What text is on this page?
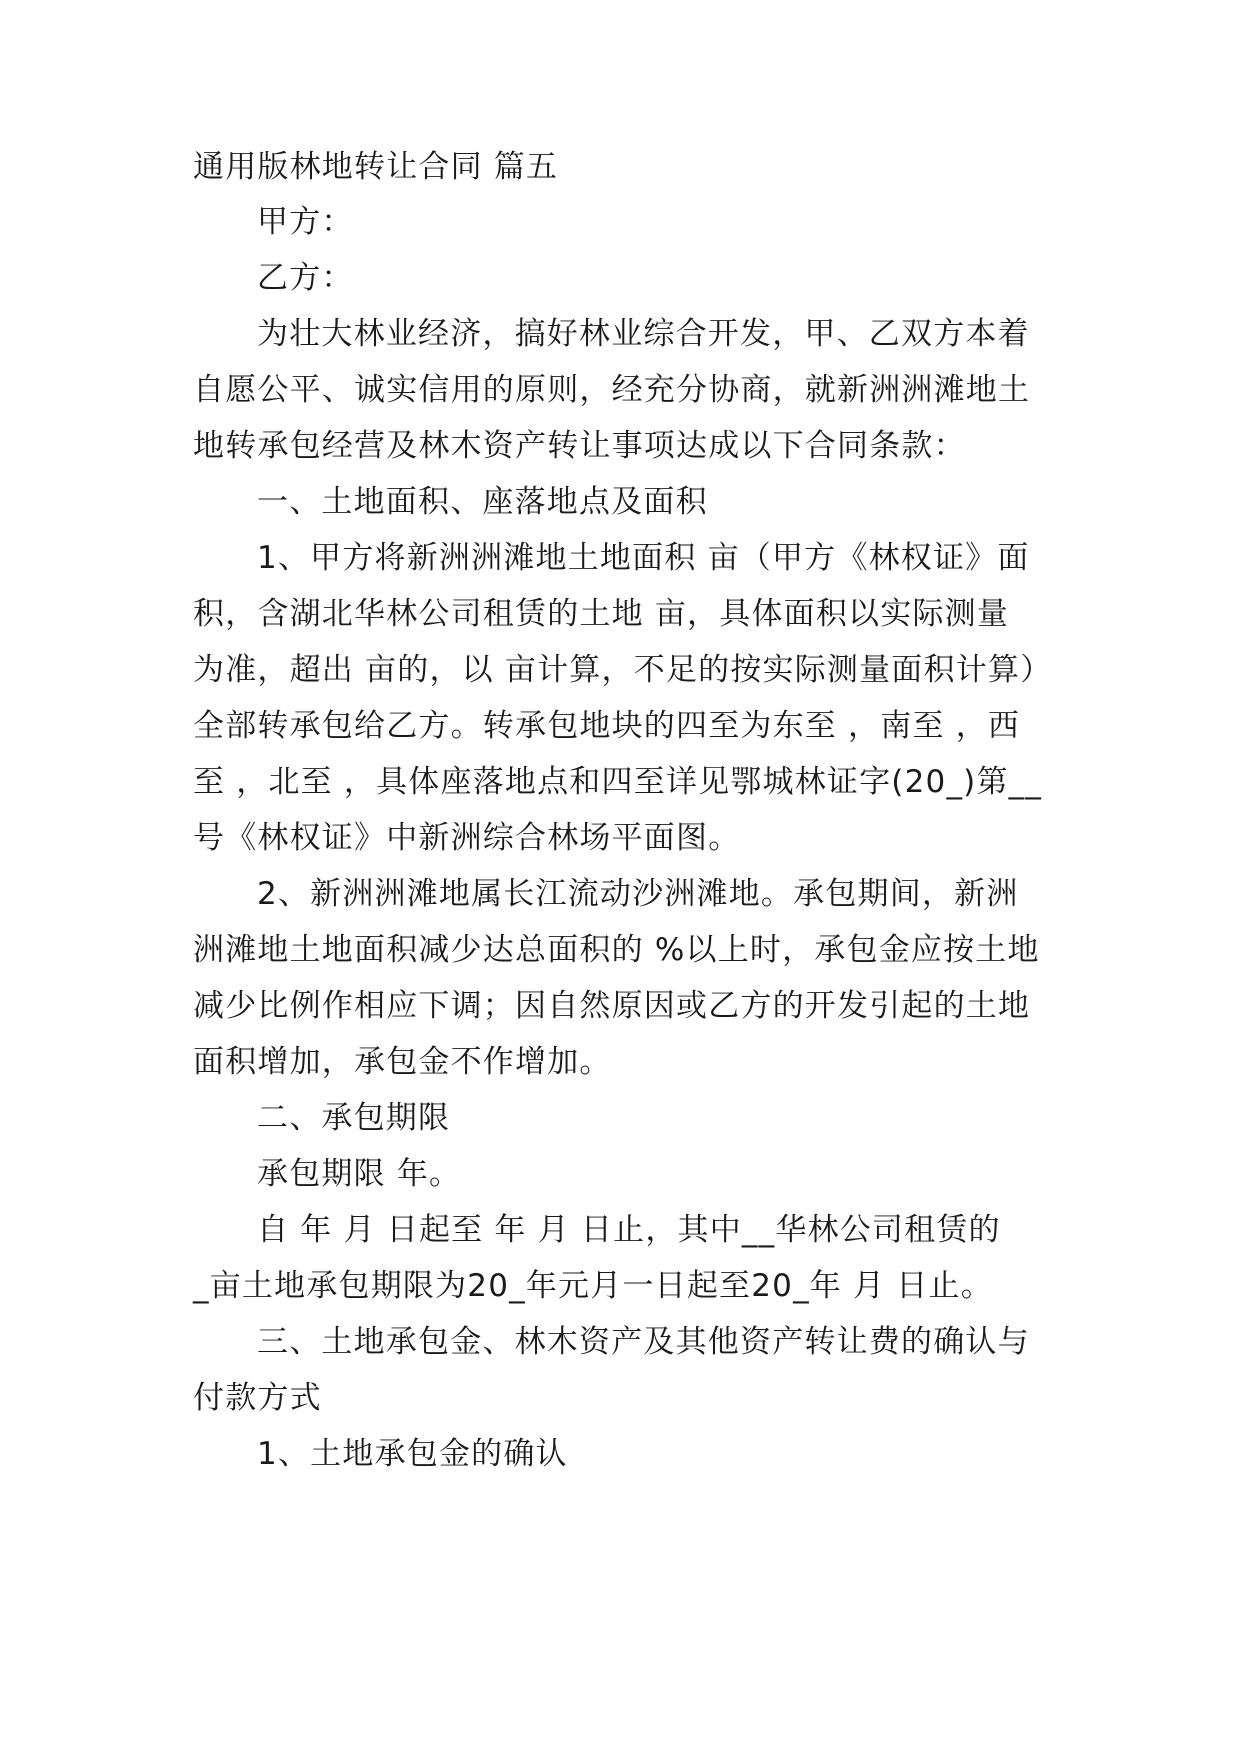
通用版林地转让合同 篇五
甲方：
乙方：
为壮大林业经济，搞好林业综合开发，甲、乙双方本着
自愿公平、诚实信用的原则，经充分协商，就新洲洲滩地土
地转承包经营及林木资产转让事项达成以下合同条款：
一、土地面积、座落地点及面积
1、甲方将新洲洲滩地土地面积 亩（甲方《林权证》面
积，含湖北华林公司租赁的土地 亩，具体面积以实际测量
为准，超出 亩的，以 亩计算，不足的按实际测量面积计算）
全部转承包给乙方。转承包地块的四至为东至 ，南至 ，西
至 ，北至 ，具体座落地点和四至详见鄂城林证字(20_)第__
号《林权证》中新洲综合林场平面图。
2、新洲洲滩地属长江流动沙洲滩地。承包期间，新洲
洲滩地土地面积减少达总面积的 %以上时，承包金应按土地
减少比例作相应下调；因自然原因或乙方的开发引起的土地
面积增加，承包金不作增加。
二、承包期限
承包期限 年。
自 年 月 日起至 年 月 日止，其中__华林公司租赁的
_亩土地承包期限为20_年元月一日起至20_年 月 日止。
三、土地承包金、林木资产及其他资产转让费的确认与
付款方式
1、土地承包金的确认
